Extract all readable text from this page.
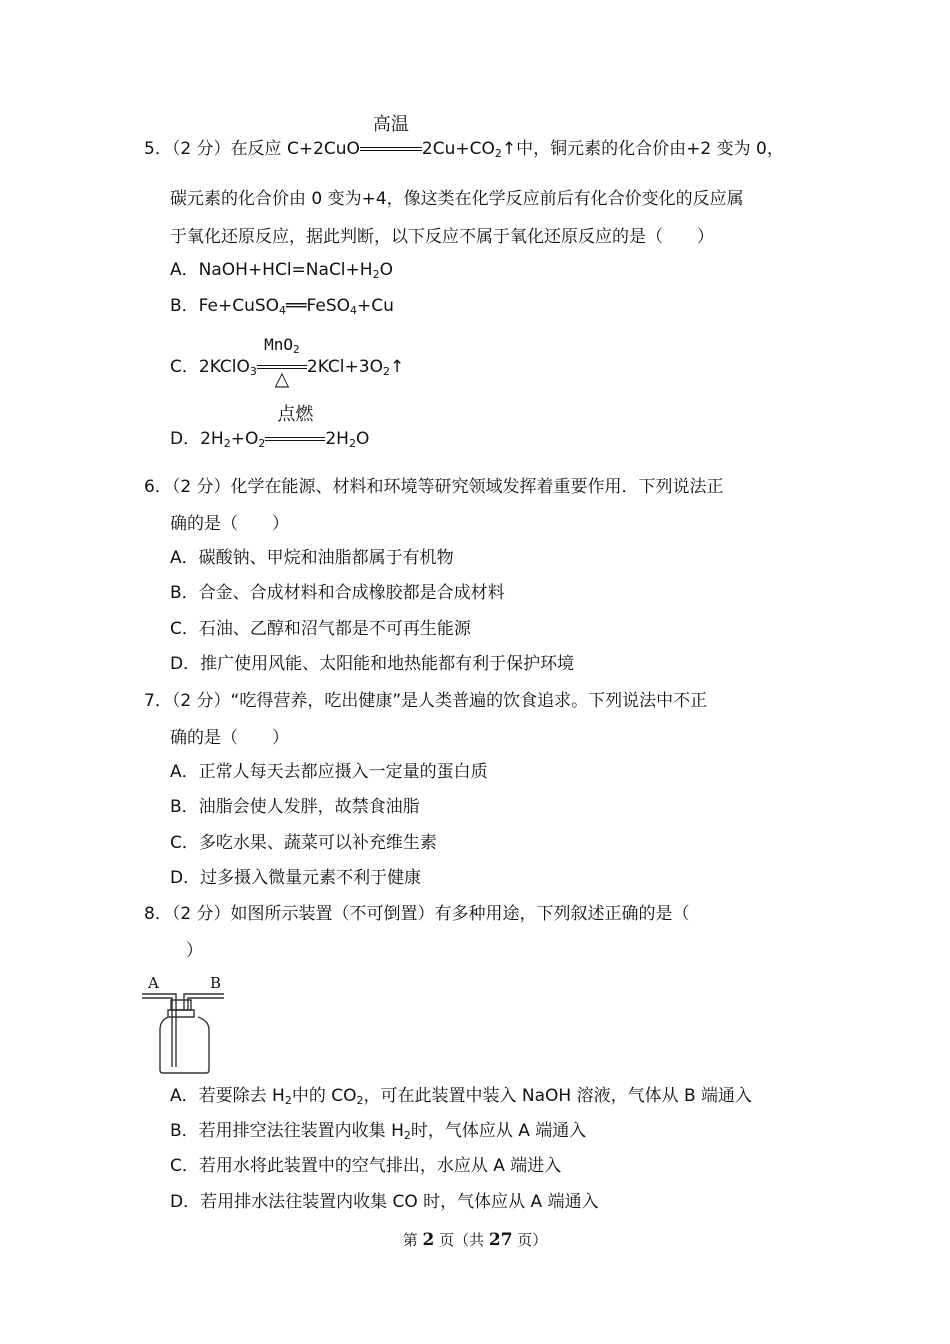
5．（2 分）在反应 C+2CuO
高温
$2Cu+CO_2↑$中，铜元素的化合价由+2 变为 0，
碳元素的化合价由 0 变为+4，像这类在化学反应前后有化合价变化的反应属
于氧化还原反应，据此判断，以下反应不属于氧化还原反应的是（　　）
A．$NaOH+HCl=NaCl+H_2O$
B．Fe+CuSO$_4$══FeSO$_4$+Cu
C．2KClO$_3$
MnO$_2$
△
$2KCl+3O_2↑$
D．$2H_2+O_2$
点燃
$2H_2O$
6．（2 分）化学在能源、材料和环境等研究领域发挥着重要作用．下列说法正
确的是（　　）
A．碳酸钠、甲烷和油脂都属于有机物
B．合金、合成材料和合成橡胶都是合成材料
C．石油、乙醇和沼气都是不可再生能源
D．推广使用风能、太阳能和地热能都有利于保护环境
7．（2 分）“吃得营养，吃出健康”是人类普遍的饮食追求。下列说法中不正
确的是（　　）
A．正常人每天去都应摄入一定量的蛋白质
B．油脂会使人发胖，故禁食油脂
C．多吃水果、蔬菜可以补充维生素
D．过多摄入微量元素不利于健康
8．（2 分）如图所示装置（不可倒置）有多种用途，下列叙述正确的是（
）
A	B
A．若要除去 $H_2$中的 $CO_2$，可在此装置中装入 NaOH 溶液，气体从 B 端通入
B．若用排空法往装置内收集 $H_2$时，气体应从 A 端通入
C．若用水将此装置中的空气排出，水应从 A 端进入
D．若用排水法往装置内收集 CO 时，气体应从 A 端通入
第 2 页（共 27 页）
